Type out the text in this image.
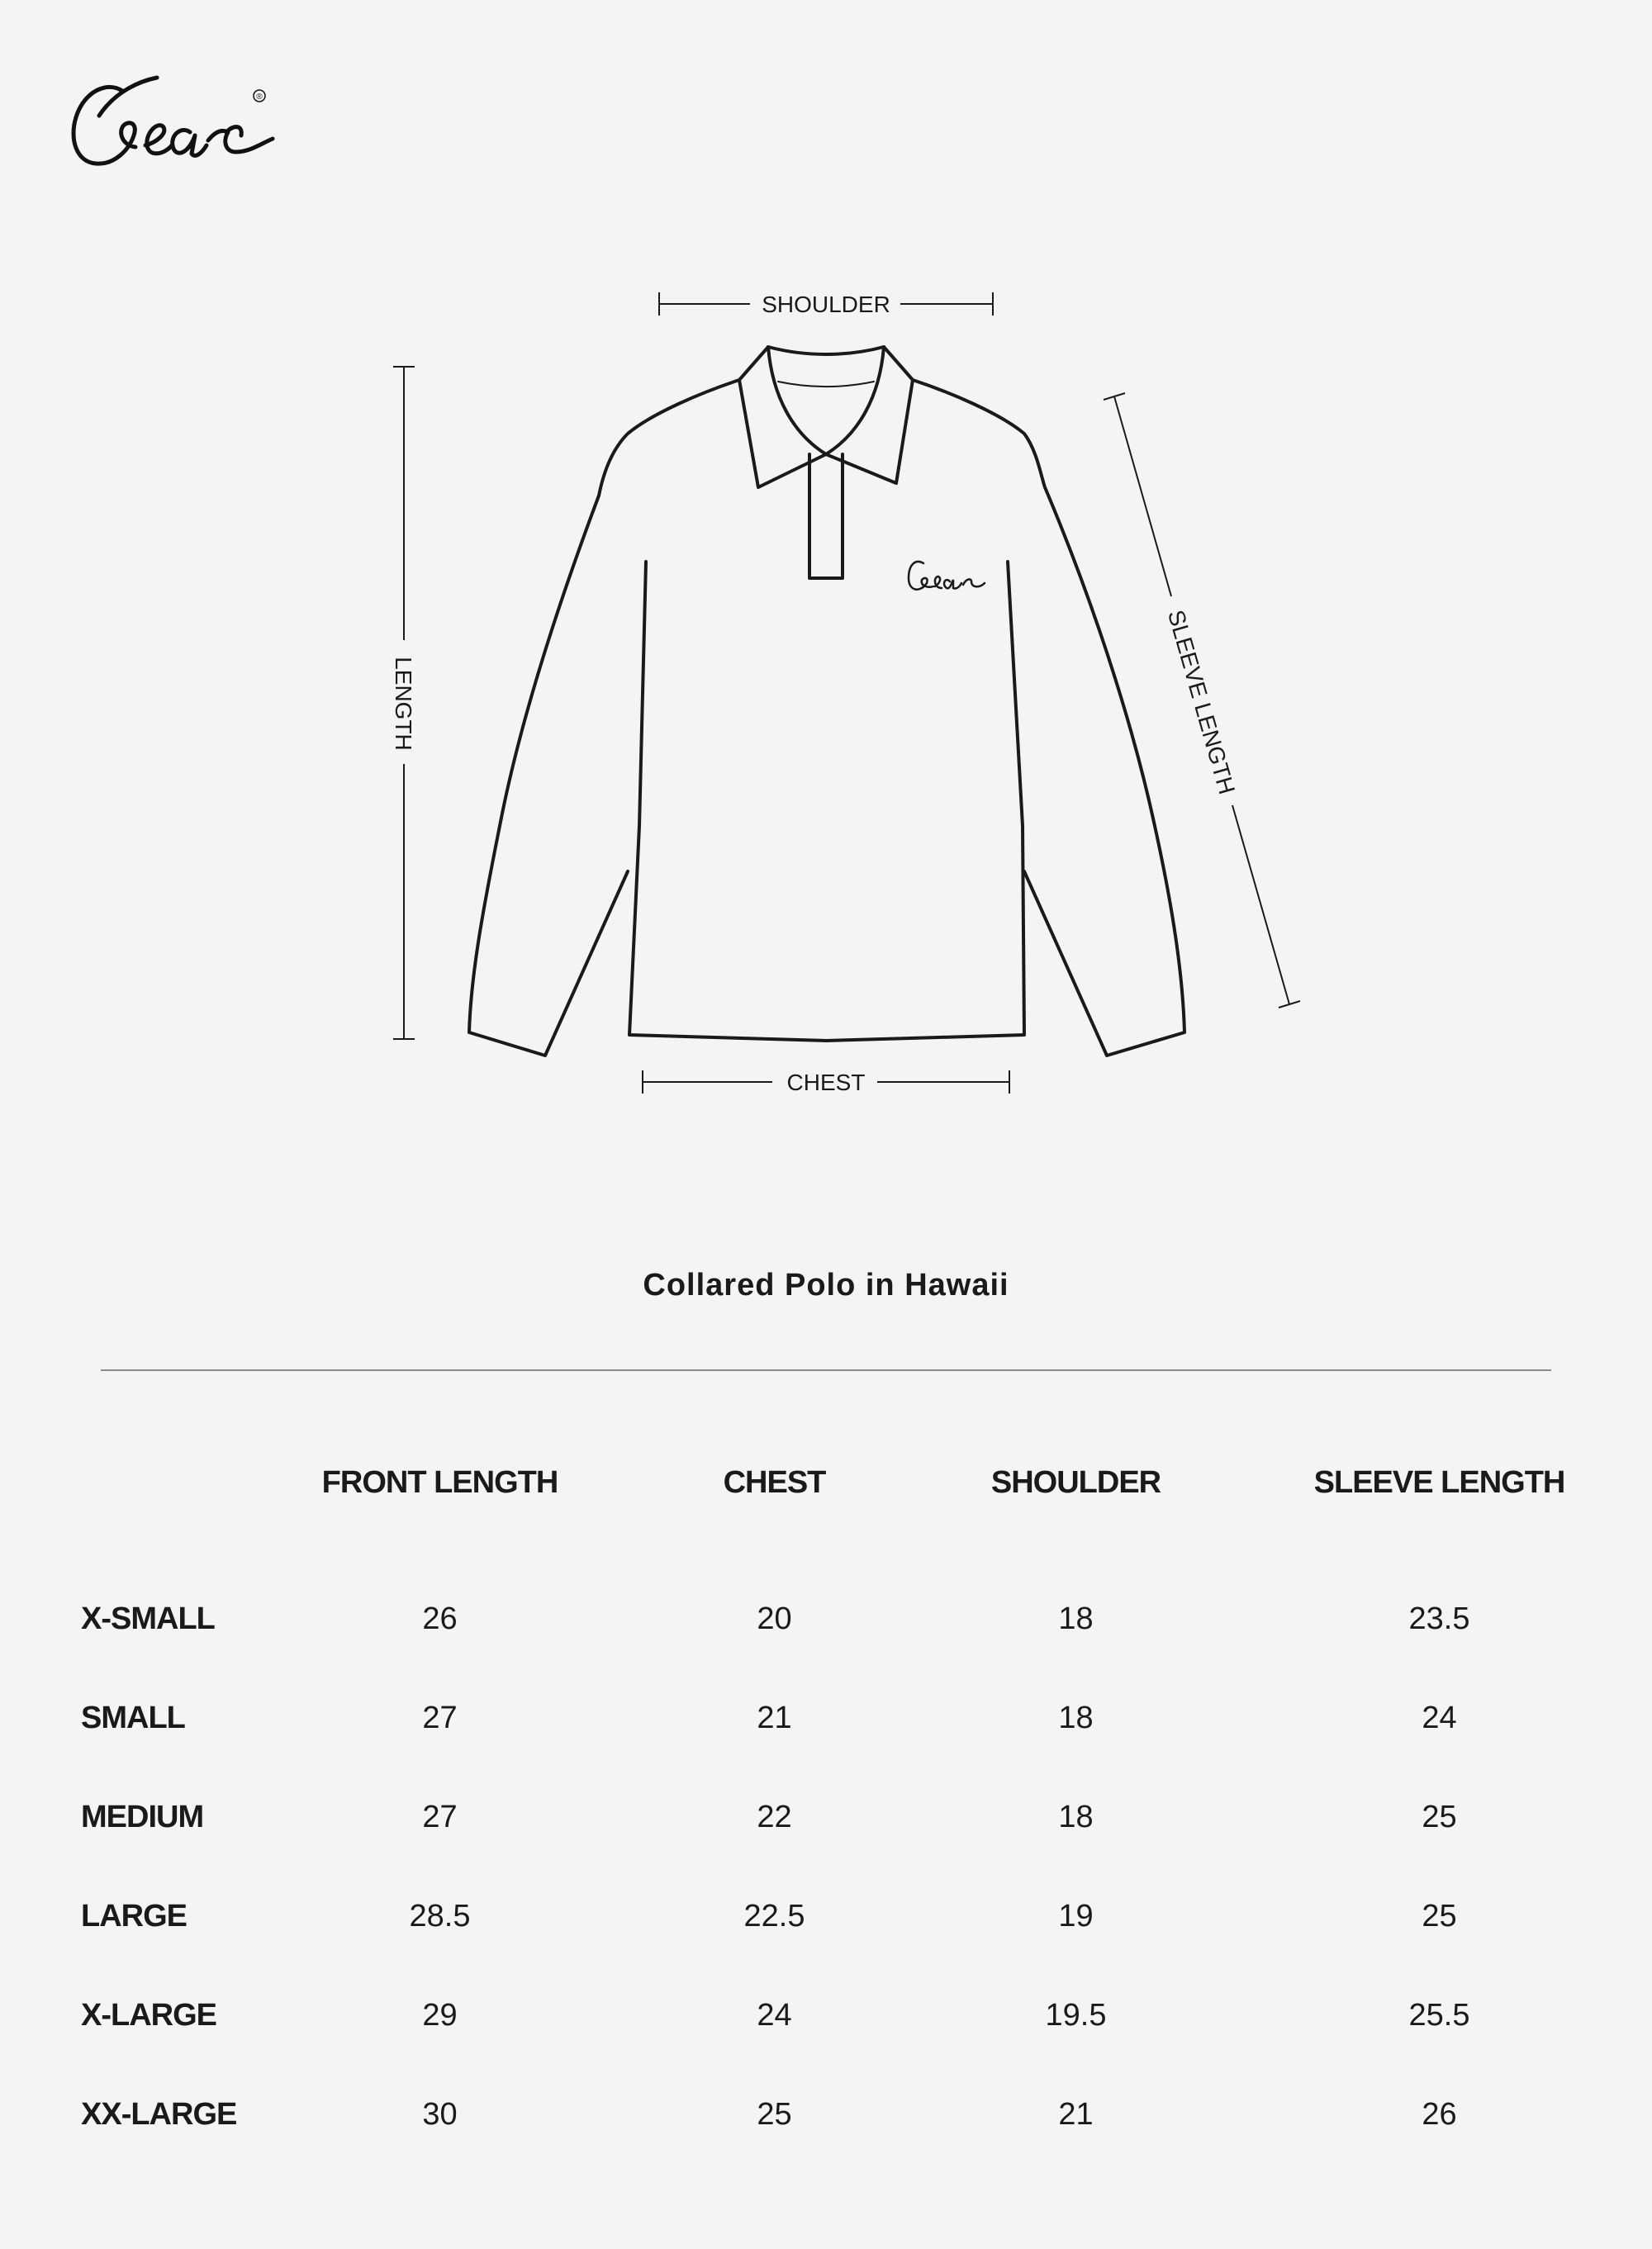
®
SHOULDER
LENGTH	SLEEVE LENGTH
CHEST
Collared Polo in Hawaii
	FRONT LENGTH	CHEST	SHOULDER	SLEEVE LENGTH
X-SMALL	26	20	18	23.5
SMALL	27	21	18	24
MEDIUM	27	22	18	25
LARGE	28.5	22.5	19	25
X-LARGE	29	24	19.5	25.5
XX-LARGE	30	25	21	26
